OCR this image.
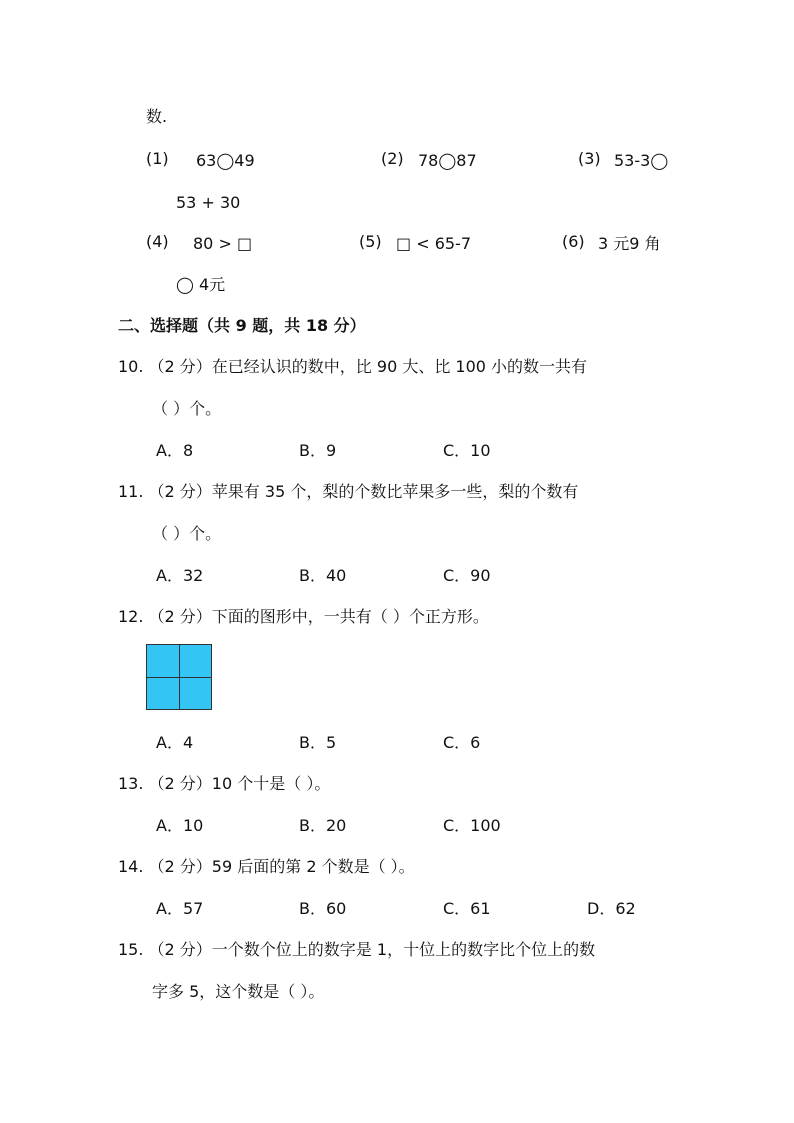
数.
(1) 63◯49	(2) 78◯87	(3) 53-3◯
53 + 30
(4) 80 > □	(5) □ < 65-7	(6) 3 元9 角
◯ 4元
二、选择题（共 9 题，共 18 分）
10. （2 分）在已经认识的数中，比 90 大、比 100 小的数一共有
（ ）个。
A．8	B．9	C．10
11. （2 分）苹果有 35 个，梨的个数比苹果多一些，梨的个数有
（ ）个。
A．32	B．40	C．90
12. （2 分）下面的图形中，一共有（ ）个正方形。
A．4	B．5	C．6
13. （2 分）10 个十是（ ）。
A．10	B．20	C．100
14. （2 分）59 后面的第 2 个数是（ ）。
A．57	B．60	C．61	D．62
15. （2 分）一个数个位上的数字是 1，十位上的数字比个位上的数
字多 5，这个数是（ ）。
